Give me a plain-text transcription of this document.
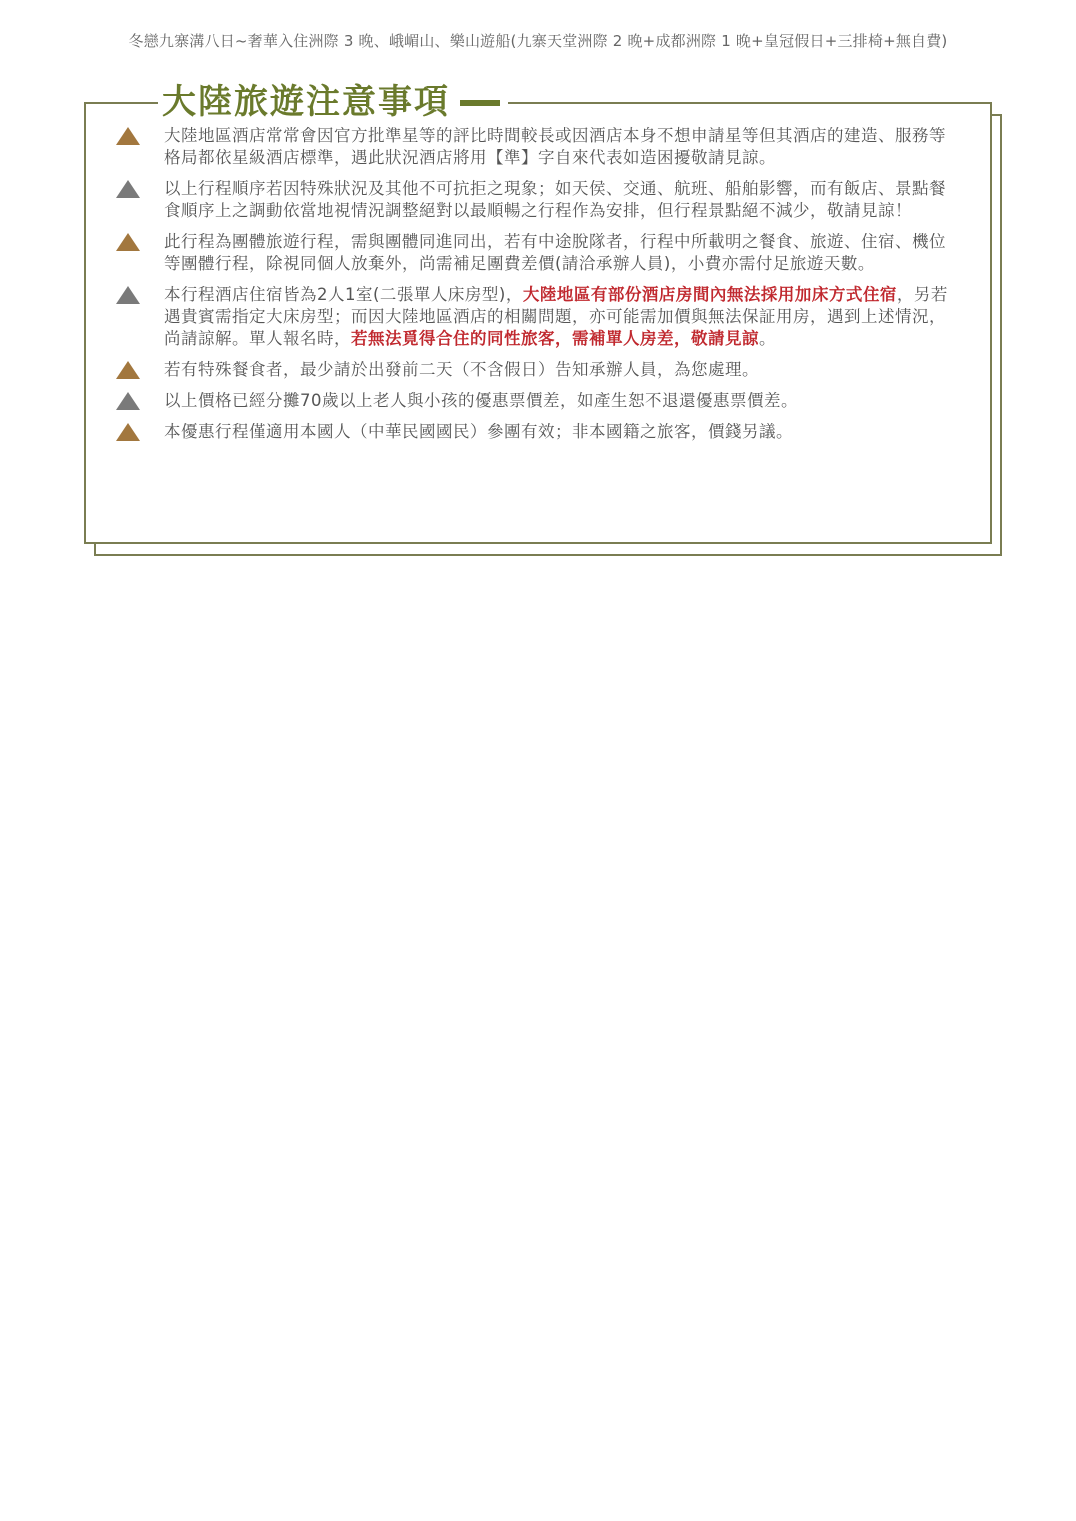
冬戀九寨溝八日~奢華入住洲際 3 晚、峨嵋山、樂山遊船(九寨天堂洲際 2 晚+成都洲際 1 晚+皇冠假日+三排椅+無自費)
大陸旅遊注意事項
大陸地區酒店常常會因官方批準星等的評比時間較長或因酒店本身不想申請星等但其酒店的建造、服務等格局都依星級酒店標準，遇此狀況酒店將用【準】字自來代表如造困擾敬請見諒。
以上行程順序若因特殊狀況及其他不可抗拒之現象；如天侯、交通、航班、船舶影響，而有飯店、景點餐食順序上之調動依當地視情況調整絕對以最順暢之行程作為安排，但行程景點絕不減少，敬請見諒！
此行程為團體旅遊行程，需與團體同進同出，若有中途脫隊者，行程中所載明之餐食、旅遊、住宿、機位等團體行程，除視同個人放棄外，尚需補足團費差價(請洽承辦人員)，小費亦需付足旅遊天數。
本行程酒店住宿皆為2人1室(二張單人床房型)，大陸地區有部份酒店房間內無法採用加床方式住宿，另若遇貴賓需指定大床房型；而因大陸地區酒店的相關問題，亦可能需加價與無法保証用房，遇到上述情況，尚請諒解。單人報名時，若無法覓得合住的同性旅客，需補單人房差，敬請見諒。
若有特殊餐食者，最少請於出發前二天（不含假日）告知承辦人員，為您處理。
以上價格已經分攤70歲以上老人與小孩的優惠票價差，如產生恕不退還優惠票價差。
本優惠行程僅適用本國人（中華民國國民）參團有效；非本國籍之旅客，價錢另議。
